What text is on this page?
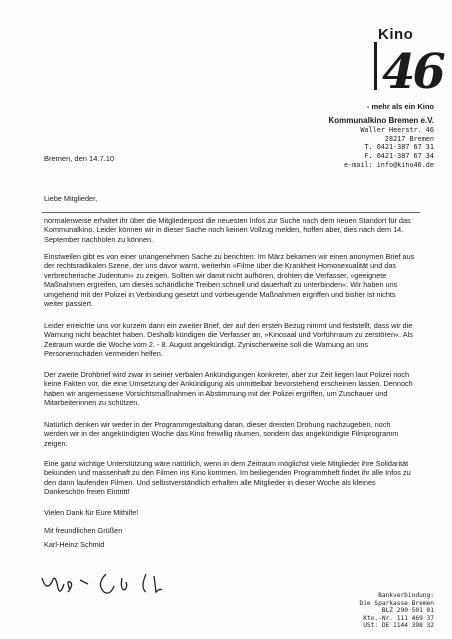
Kino
46
- mehr als ein Kino
Kommunalkino Bremen e.V.
Waller Heerstr. 46
28217 Bremen
T. 0421-387 67 31
F. 0421-387 67 34
e-mail: info@kino46.de
Bremen, den 14.7.10
Liebe Mitglieder,

normalerweise erhaltet ihr über die Mitgliederpost die neuesten Infos zur Suche nach dem neuen Standort für das Kommunalkino. Leider können wir in dieser Sache noch keinen Vollzug melden, hoffen aber, dies nach dem 14. September nachholen zu können.

Einstweilen gibt es von einer unangenehmen Sache zu berichten: Im März bekamen wir einen anonymen Brief aus der rechtsradikalen Szene, der uns davor warnt, weiterhin »Filme über die Krankheit Homosexualität und das verbrecherische Judentum« zu zeigen. Sollten wir damit nicht aufhören, drohten die Verfasser, »geeignete Maßnahmen ergreifen, um dieses schändliche Treiben schnell und dauerhaft zu unterbinden«. Wir haben uns umgehend mit der Polizei in Verbindung gesetzt und vorbeugende Maßnahmen ergriffen und bisher ist nichts weiter passiert.

Leider erreichte uns vor kurzem dann ein zweiter Brief, der auf den ersten Bezug nimmt und feststellt, dass wir die Warnung nicht beachtet haben. Deshalb kündigen die Verfasser an, »Kinosaal und Vorführraum zu zerstören«. Als Zeitraum wurde die Woche vom 2. - 8. August angekündigt. Zynischerweise soll die Warnung an uns Personenschäden vermeiden helfen.

Der zweite Drohbrief wird zwar in seiner verbalen Ankündigungen konkreter, aber zur Zeit liegen laut Polizei noch keine Fakten vor, die eine Umsetzung der Ankündigung als unmittelbar bevorstehend erscheinen lassen. Dennoch haben wir angemessene Vorsichtsmaßnahmen in Abstimmung mit der Polizei ergriffen, um Zuschauer und Mitarbeiterinnen zu schützen.

Natürlich denken wir weder in der Programmgestaltung daran, dieser dreisten Drohung nachzugeben, noch werden wir in der angekündigten Woche das Kino freiwillig räumen, sondern das angekündigte Filmprogramm zeigen.

Eine ganz wichtige Unterstützung wäre natürlich, wenn in dem Zeitraum möglichst viele Mitglieder ihre Solidarität bekunden und massenhaft zu den Filmen ins Kino kommen. Im beiliegenden Programmheft findet ihr alle Infos zu den dann laufenden Filmen. Und selbstverständlich erhalten alle Mitglieder in dieser Woche als kleines Dankeschön freien Eintritt!

Vielen Dank für Eure Mithilfe!

Mit freundlichen Grüßen
Karl-Heinz Schmid
Bankverbindung:
Die Sparkasse Bremen
BLZ 290 501 01
Kto.-Nr. 111 469 37
USt: DE 1144 398 32
